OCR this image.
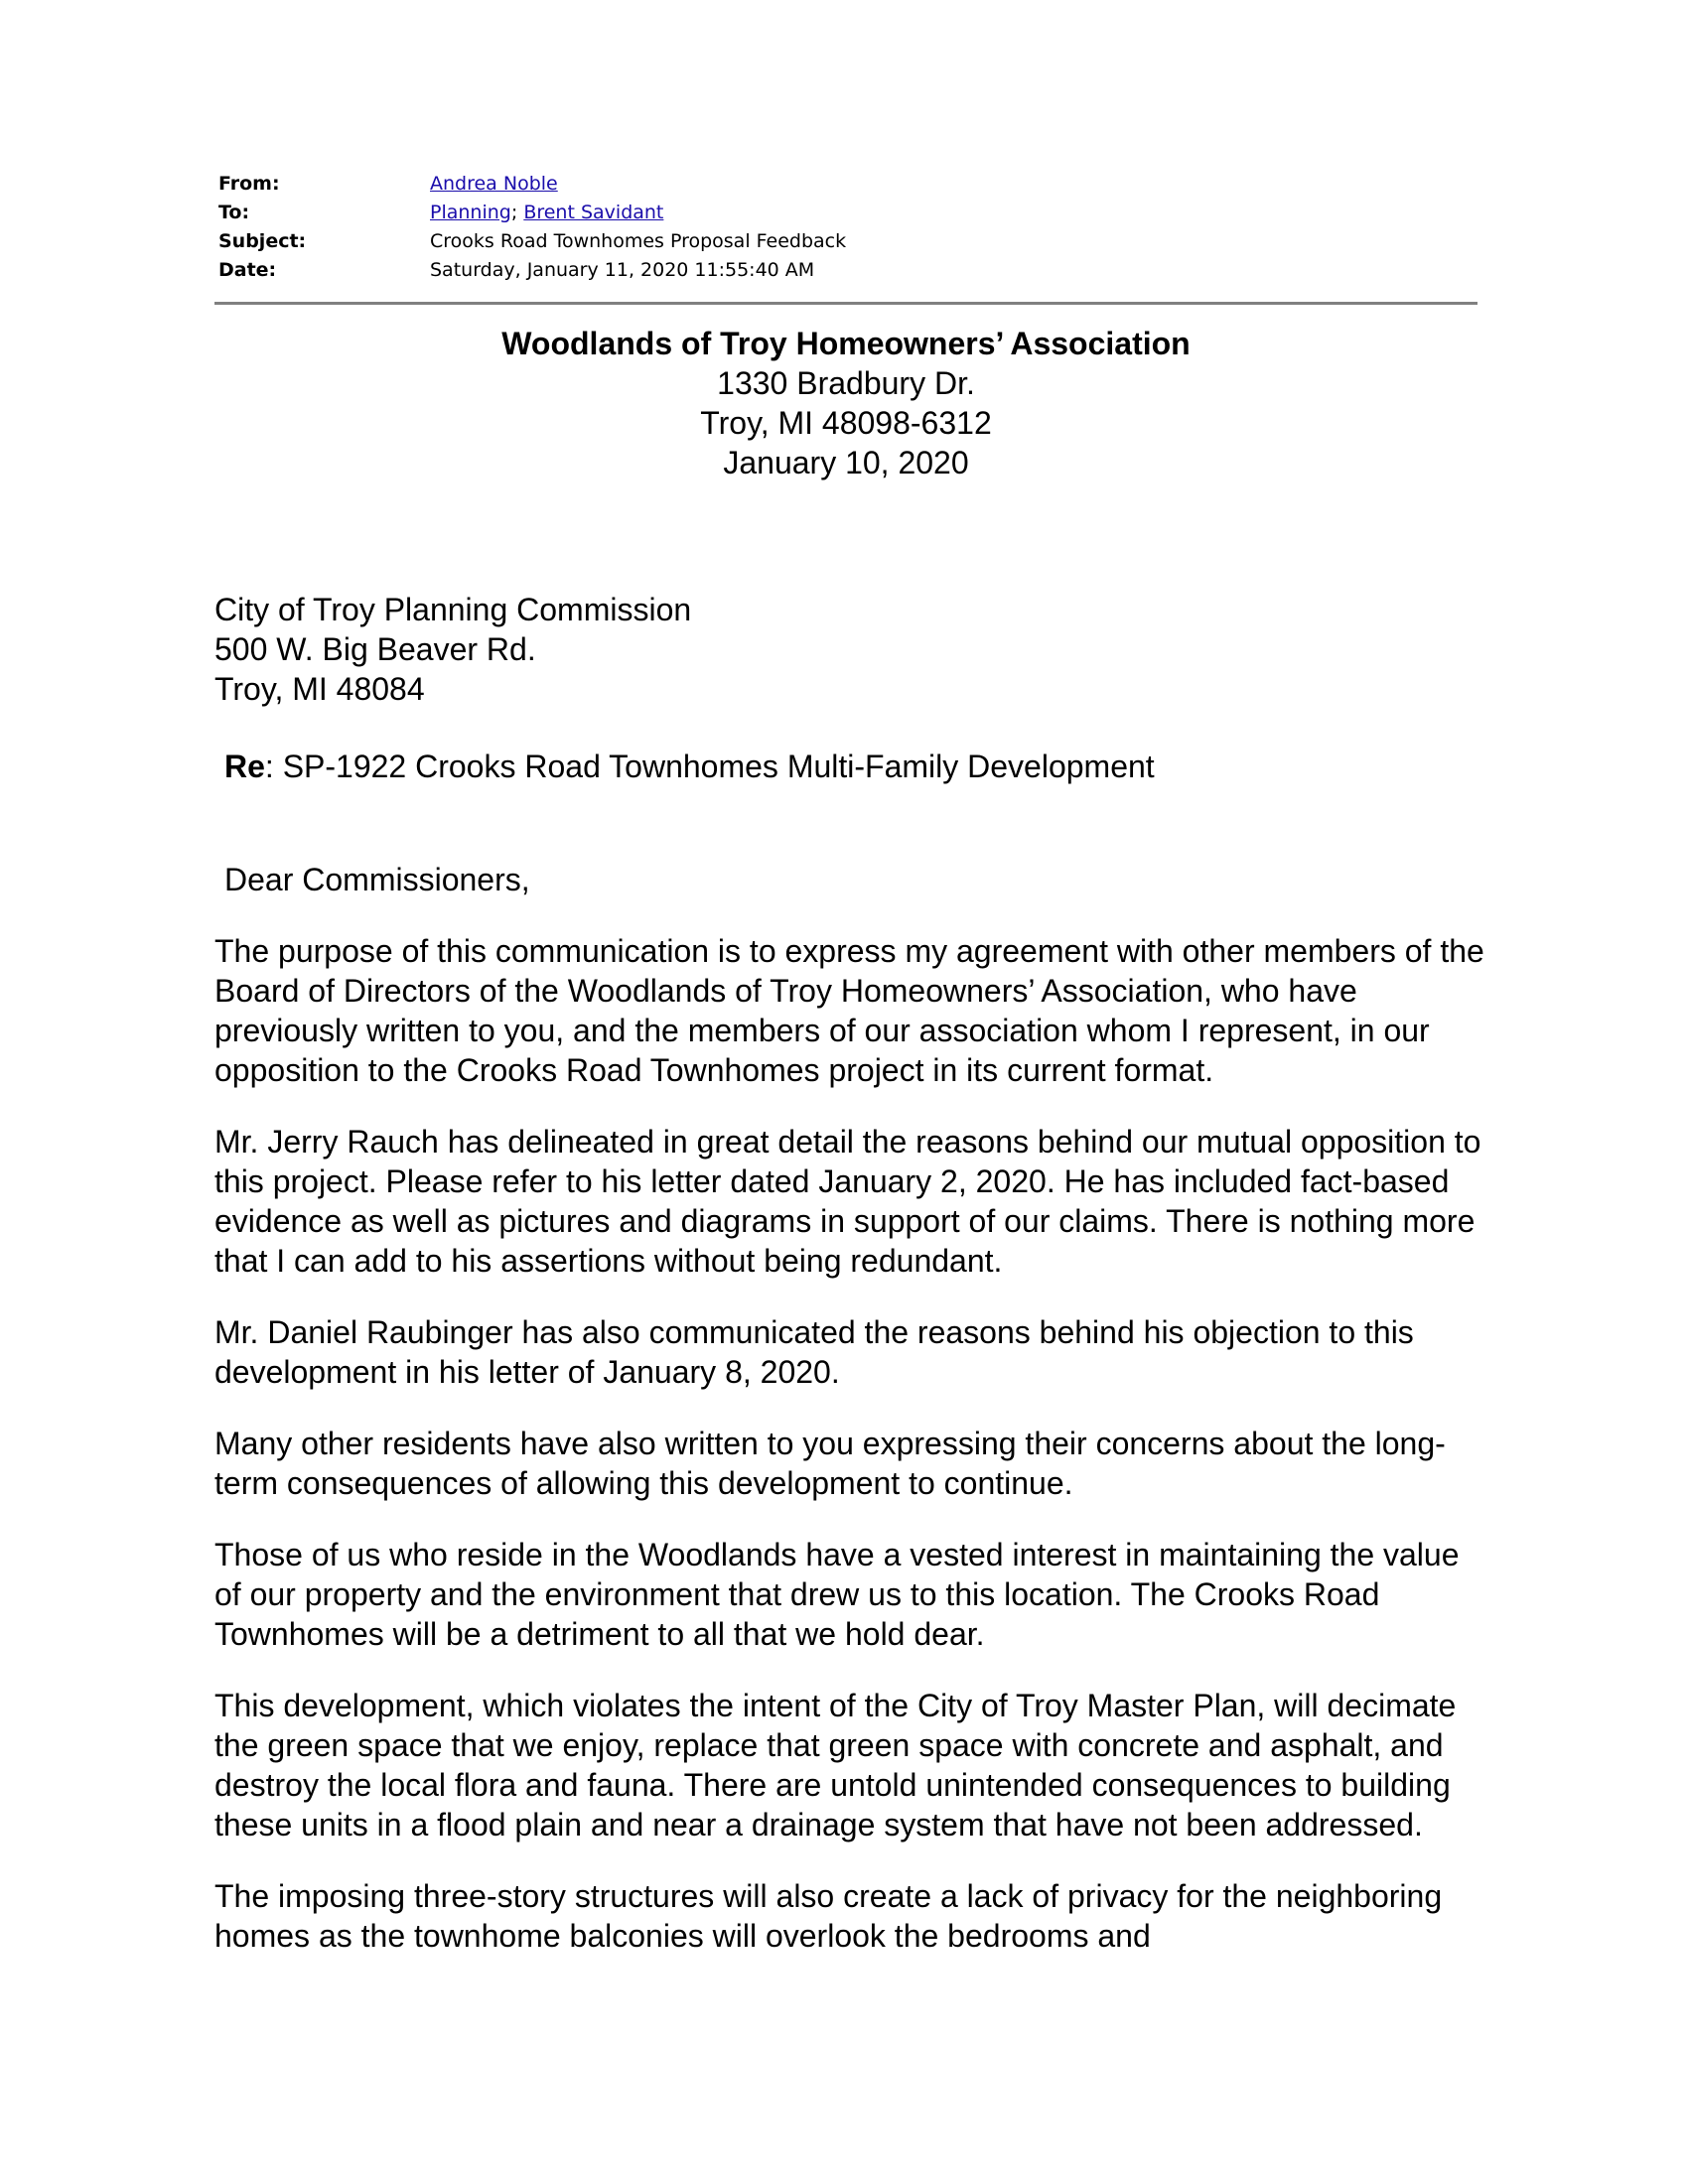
From:	Andrea Noble
To:	Planning; Brent Savidant
Subject:	Crooks Road Townhomes Proposal Feedback
Date:	Saturday, January 11, 2020 11:55:40 AM
Woodlands of Troy Homeowners’ Association
1330 Bradbury Dr.
Troy, MI 48098-6312
January 10, 2020
City of Troy Planning Commission
500 W. Big Beaver Rd.
Troy, MI 48084
Re: SP-1922 Crooks Road Townhomes Multi-Family Development
Dear Commissioners,

The purpose of this communication is to express my agreement with other members of the Board of Directors of the Woodlands of Troy Homeowners’ Association, who have previously written to you, and the members of our association whom I represent, in our opposition to the Crooks Road Townhomes project in its current format.

Mr. Jerry Rauch has delineated in great detail the reasons behind our mutual opposition to this project. Please refer to his letter dated January 2, 2020. He has included fact-based evidence as well as pictures and diagrams in support of our claims. There is nothing more that I can add to his assertions without being redundant.

Mr. Daniel Raubinger has also communicated the reasons behind his objection to this development in his letter of January 8, 2020.

Many other residents have also written to you expressing their concerns about the long-term consequences of allowing this development to continue.

Those of us who reside in the Woodlands have a vested interest in maintaining the value of our property and the environment that drew us to this location. The Crooks Road Townhomes will be a detriment to all that we hold dear.

This development, which violates the intent of the City of Troy Master Plan, will decimate the green space that we enjoy, replace that green space with concrete and asphalt, and destroy the local flora and fauna. There are untold unintended consequences to building these units in a flood plain and near a drainage system that have not been addressed.

The imposing three-story structures will also create a lack of privacy for the neighboring homes as the townhome balconies will overlook the bedrooms and
